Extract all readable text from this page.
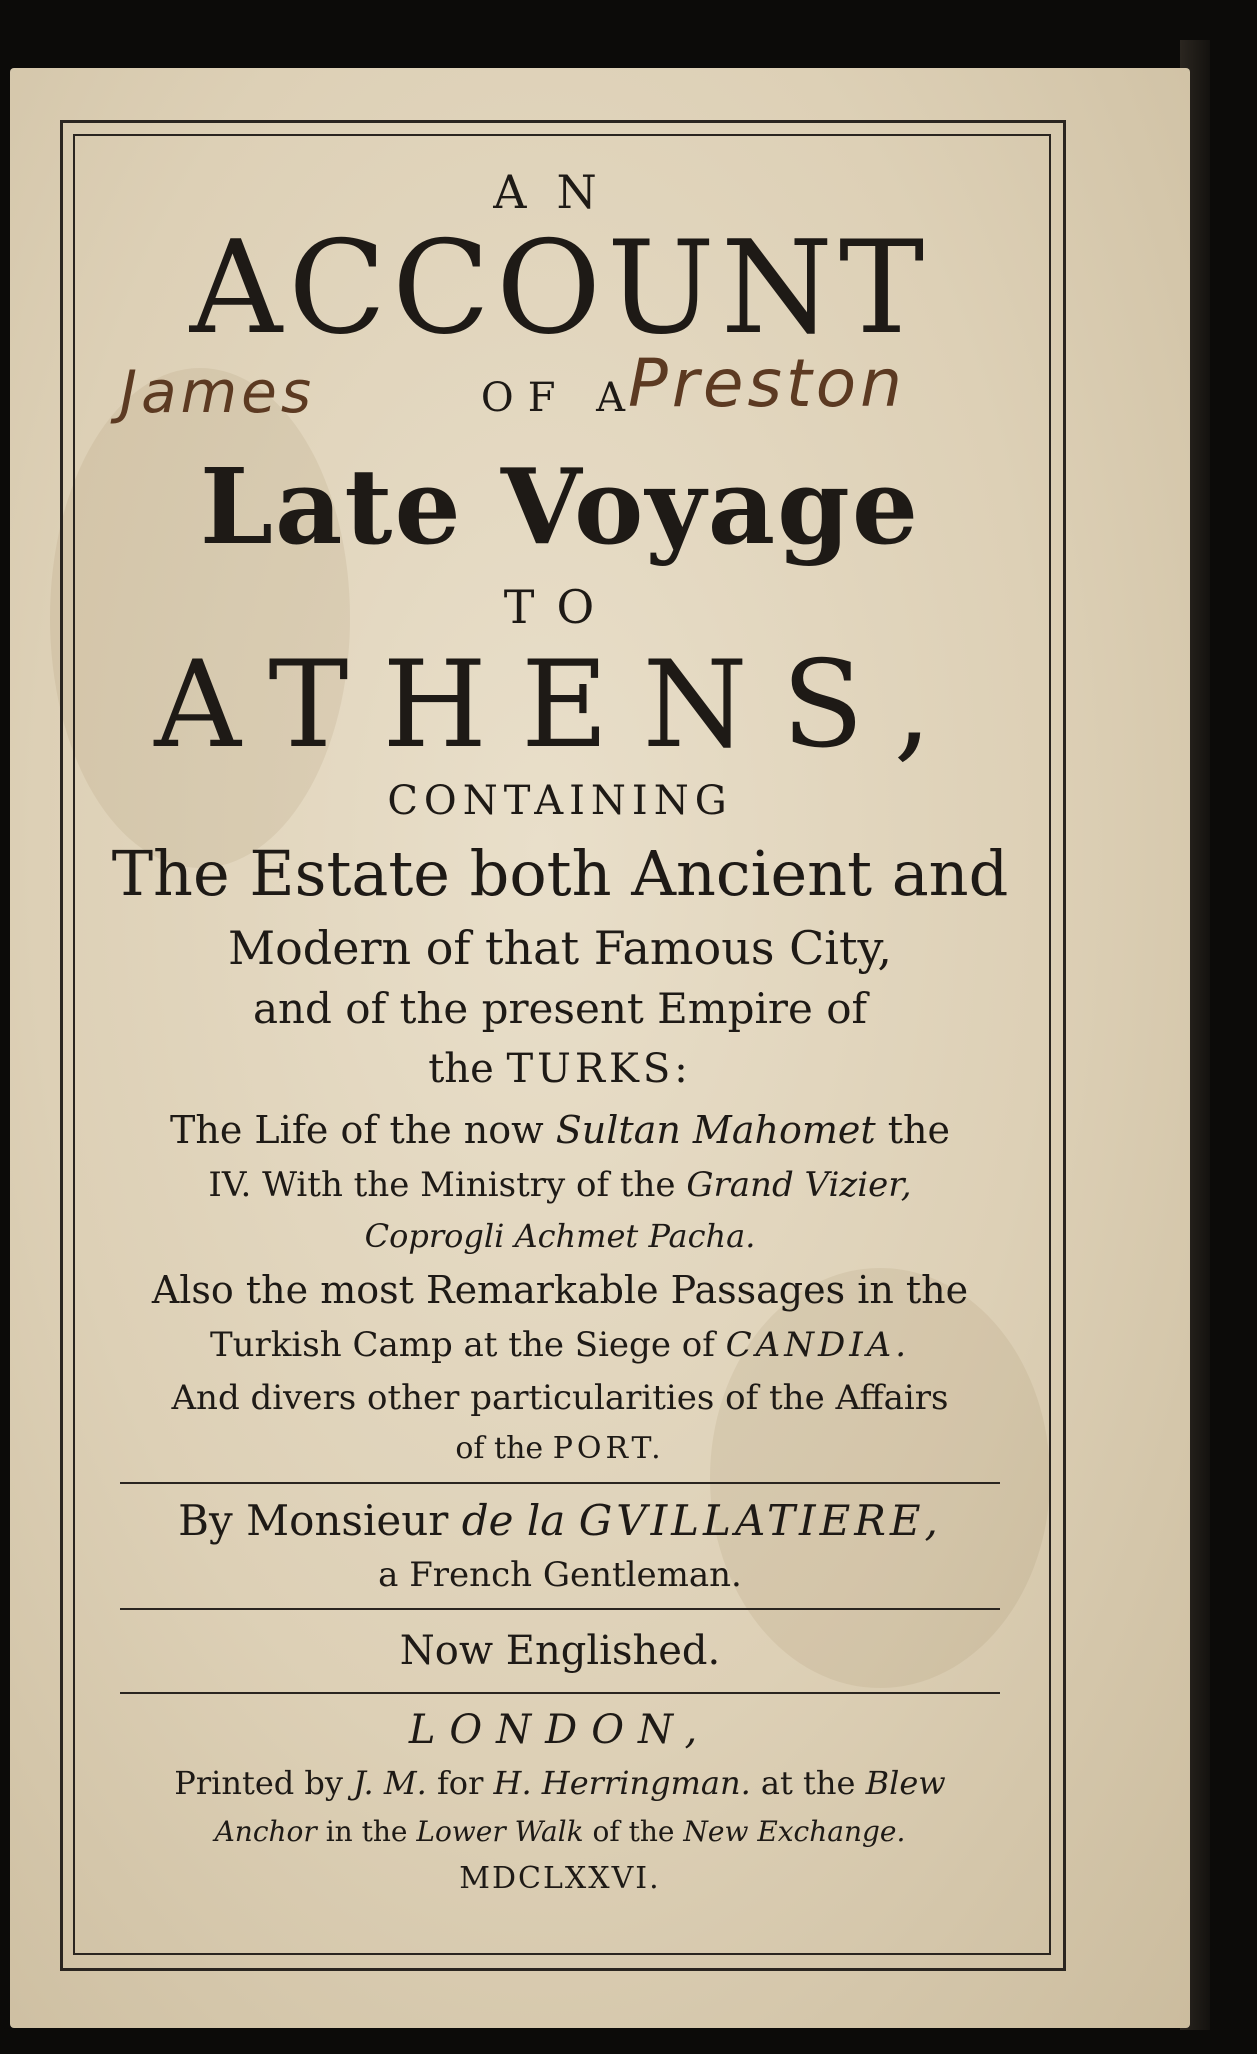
AN
ACCOUNT
OF A
James	Preston
Late Voyage
TO
ATHENS,
CONTAINING
The Estate both Ancient and
Modern of that Famous City,
and of the present Empire of
the TURKS:
The Life of the now Sultan Mahomet the
IV. With the Ministry of the Grand Vizier,
Coprogli Achmet Pacha.
Also the most Remarkable Passages in the
Turkish Camp at the Siege of CANDIA.
And divers other particularities of the Affairs
of the PORT.
By Monsieur de la GVILLATIERE,
a French Gentleman.
Now Englished.
LONDON,
Printed by J. M. for H. Herringman. at the Blew
Anchor in the Lower Walk of the New Exchange.
MDCLXXVI.
